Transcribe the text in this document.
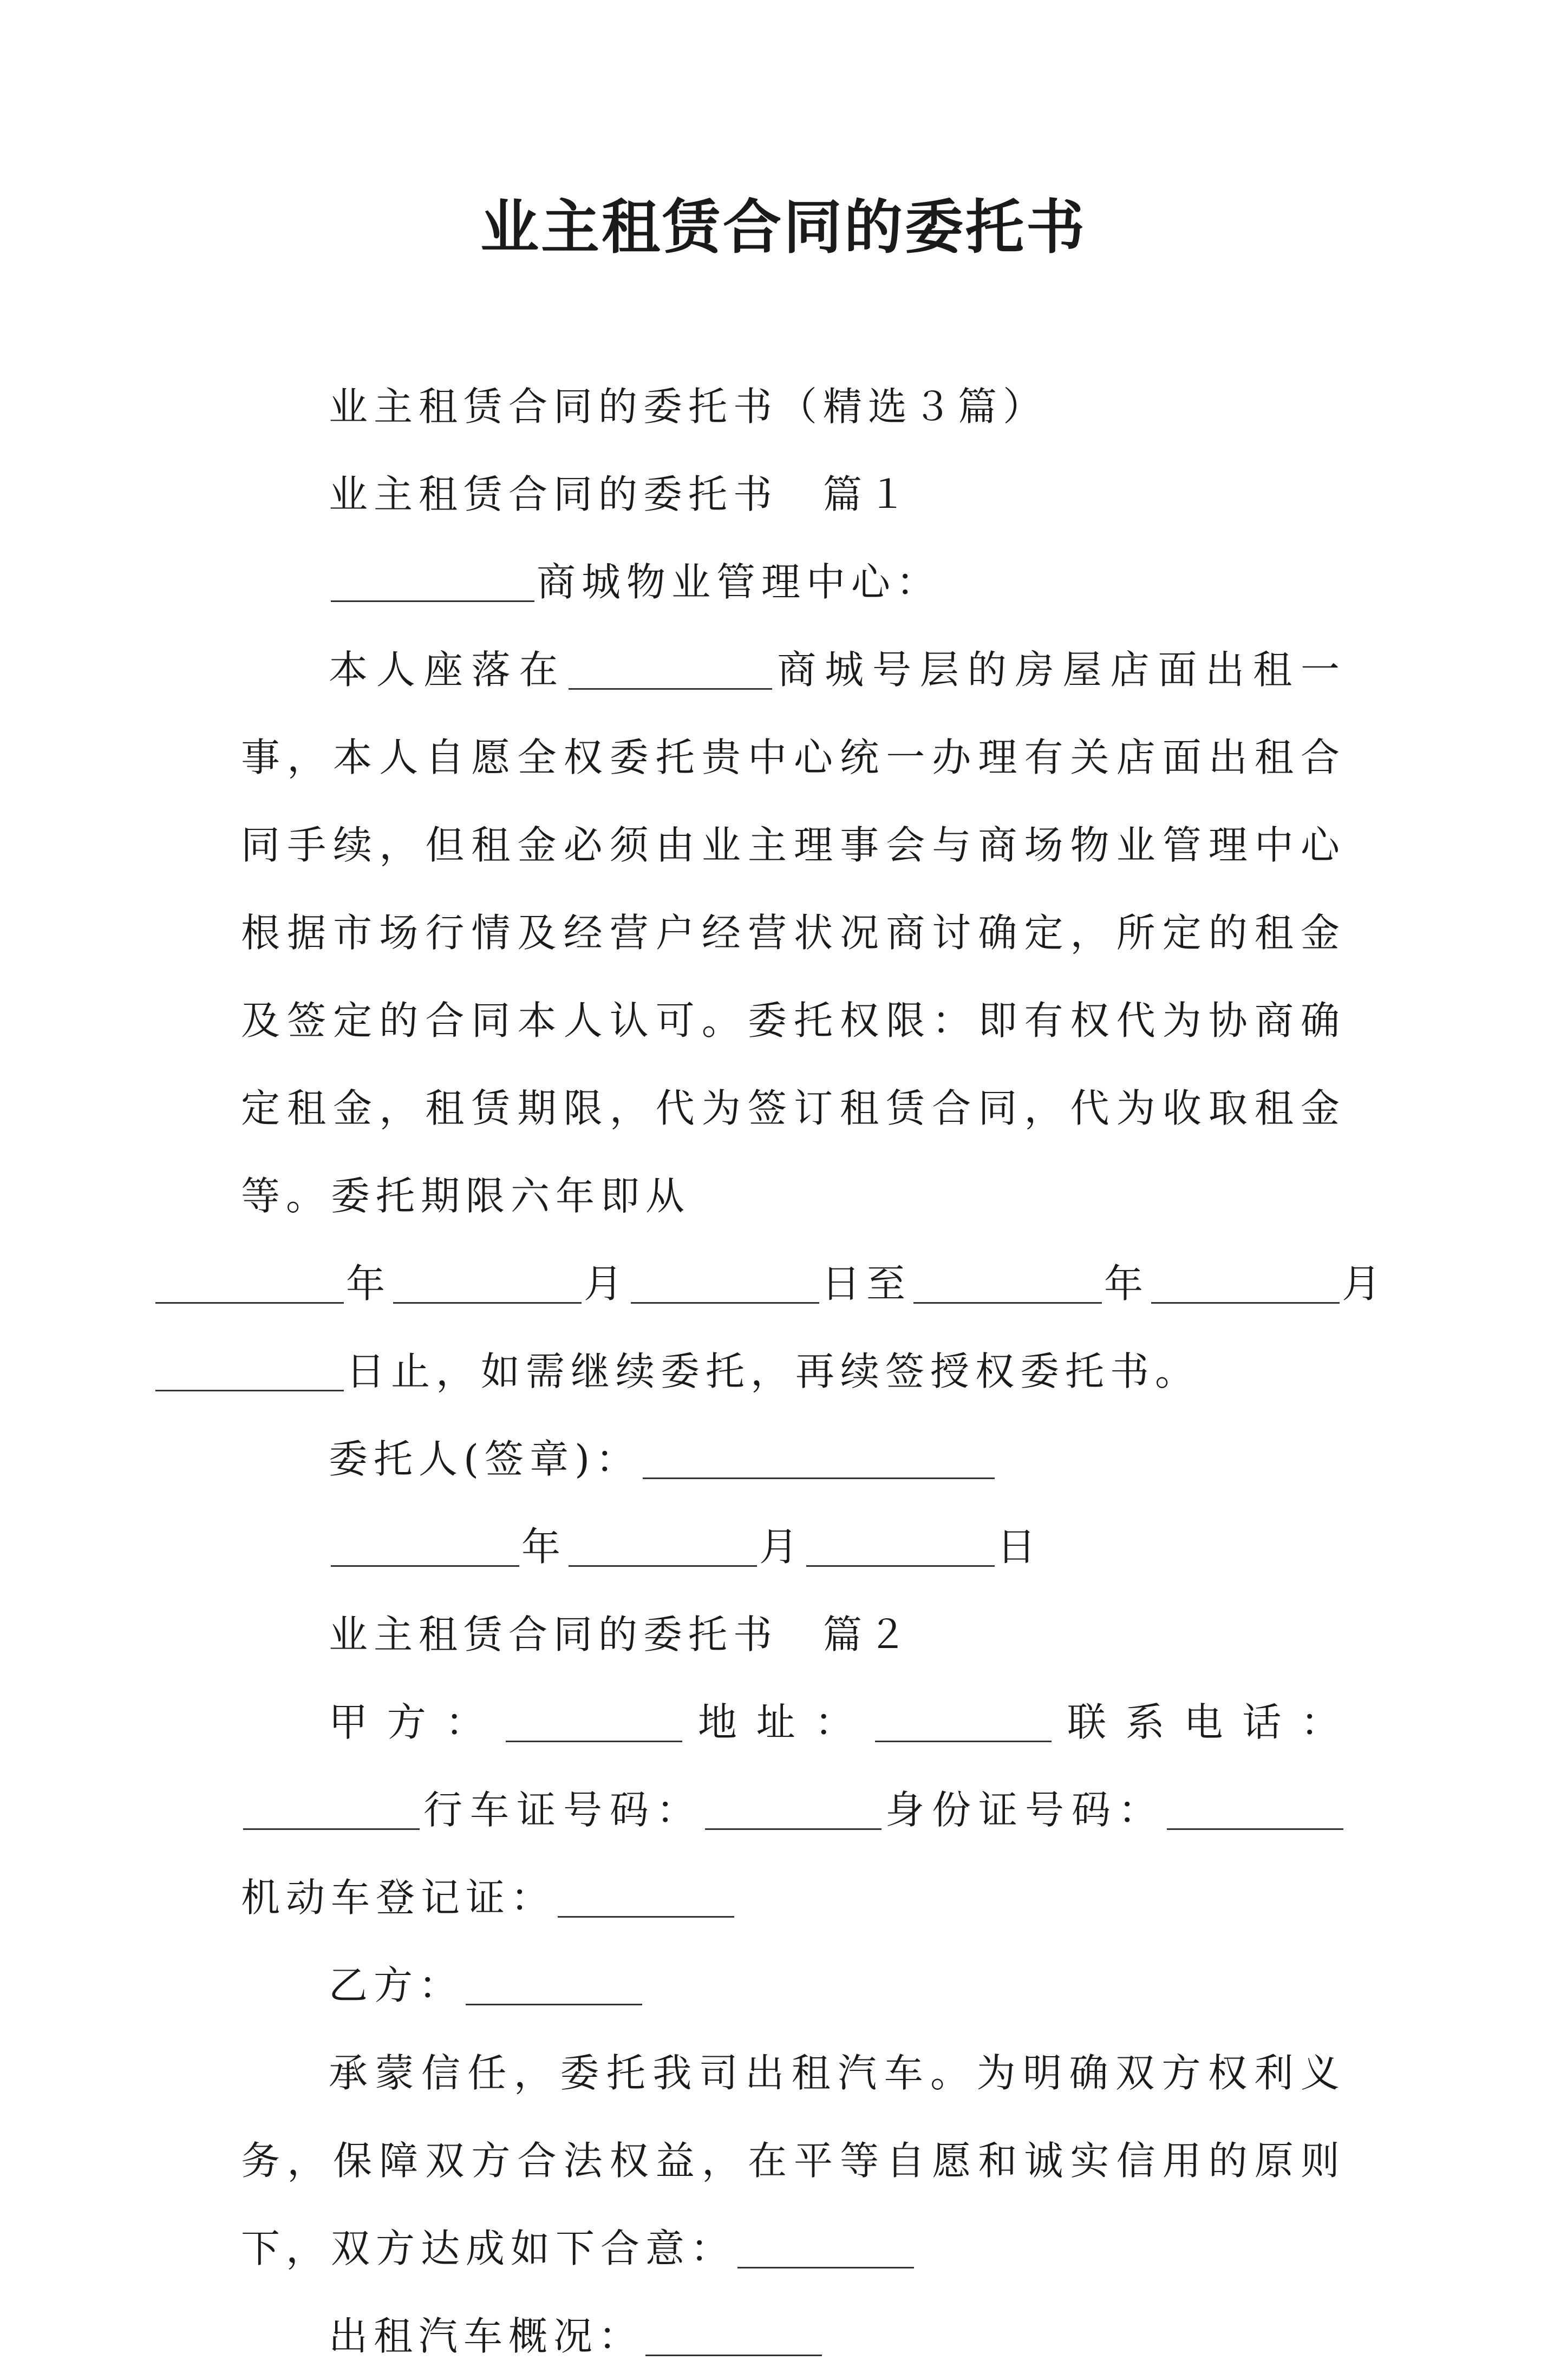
业主租赁合同的委托书

业主租赁合同的委托书（精选３篇）

业主租赁合同的委托书　篇１

商城物业管理中心：

本人座落在	商城号层的房屋店面出租一事，本人自愿全权委托贵中心统一办理有关店面出租合同手续，但租金必须由业主理事会与商场物业管理中心根据市场行情及经营户经营状况商讨确定，所定的租金及签定的合同本人认可。委托权限：即有权代为协商确定租金，租赁期限，代为签订租赁合同，代为收取租金等。委托期限六年即从
年	月	日至	年	月
日止，如需继续委托，再续签授权委托书。

委托人(签章)：

年	月	日

业主租赁合同的委托书　篇２

甲方：	地址：	联系电话：行车证号码：	身份证号码：机动车登记证：

乙方：

承蒙信任，委托我司出租汽车。为明确双方权利义务，保障双方合法权益，在平等自愿和诚实信用的原则下，双方达成如下合意：

出租汽车概况：
